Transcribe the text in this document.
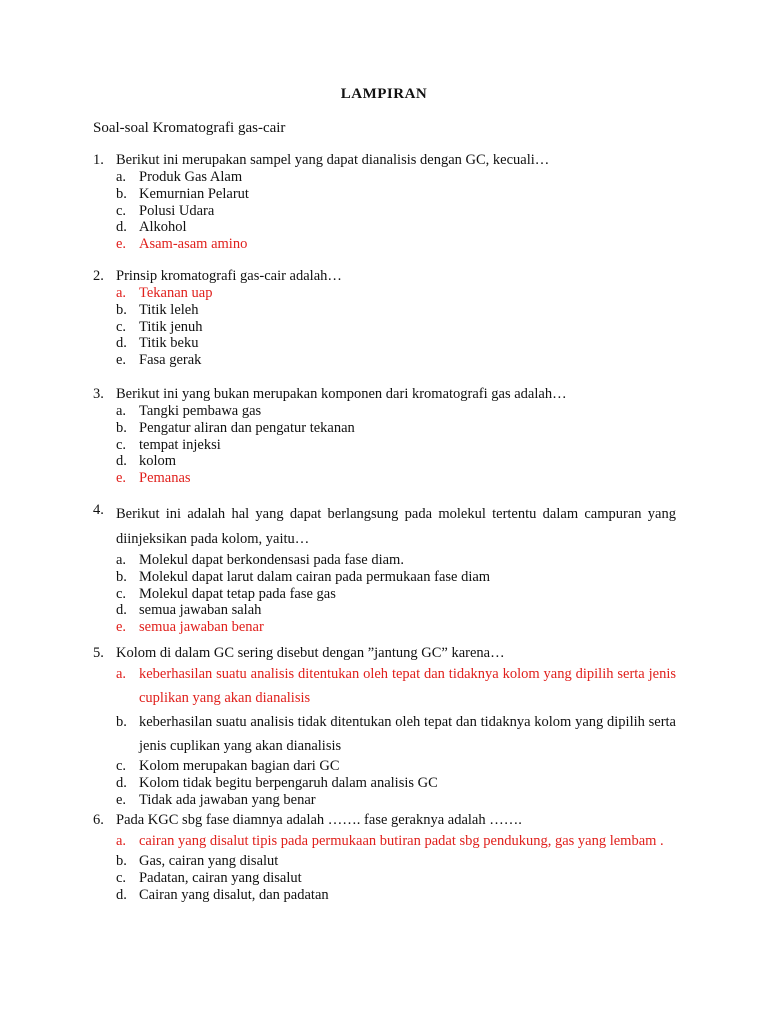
LAMPIRAN
Soal-soal Kromatografi gas-cair
1. Berikut ini merupakan sampel yang dapat dianalisis dengan GC, kecuali…
a. Produk Gas Alam
b. Kemurnian Pelarut
c. Polusi Udara
d. Alkohol
e. Asam-asam amino
2. Prinsip kromatografi gas-cair adalah…
a. Tekanan uap
b. Titik leleh
c. Titik jenuh
d. Titik beku
e. Fasa gerak
3. Berikut ini yang bukan merupakan komponen dari kromatografi gas adalah…
a. Tangki pembawa gas
b. Pengatur aliran dan pengatur tekanan
c. tempat injeksi
d. kolom
e. Pemanas
4. Berikut ini adalah hal yang dapat berlangsung pada molekul tertentu dalam campuran yang diinjeksikan pada kolom, yaitu…
a. Molekul dapat berkondensasi pada fase diam.
b. Molekul dapat larut dalam cairan pada permukaan fase diam
c. Molekul dapat tetap pada fase gas
d. semua jawaban salah
e. semua jawaban benar
5. Kolom di dalam GC sering disebut dengan ”jantung GC” karena…
a. keberhasilan suatu analisis ditentukan oleh tepat dan tidaknya kolom yang dipilih serta jenis cuplikan yang akan dianalisis
b. keberhasilan suatu analisis tidak ditentukan oleh tepat dan tidaknya kolom yang dipilih serta jenis cuplikan yang akan dianalisis
c. Kolom merupakan bagian dari GC
d. Kolom tidak begitu berpengaruh dalam analisis GC
e. Tidak ada jawaban yang benar
6. Pada KGC sbg fase diamnya adalah ……. fase geraknya adalah …….
a. cairan yang disalut tipis pada permukaan butiran padat sbg pendukung, gas yang lembam .
b. Gas, cairan yang disalut
c. Padatan, cairan yang disalut
d. Cairan yang disalut, dan padatan
